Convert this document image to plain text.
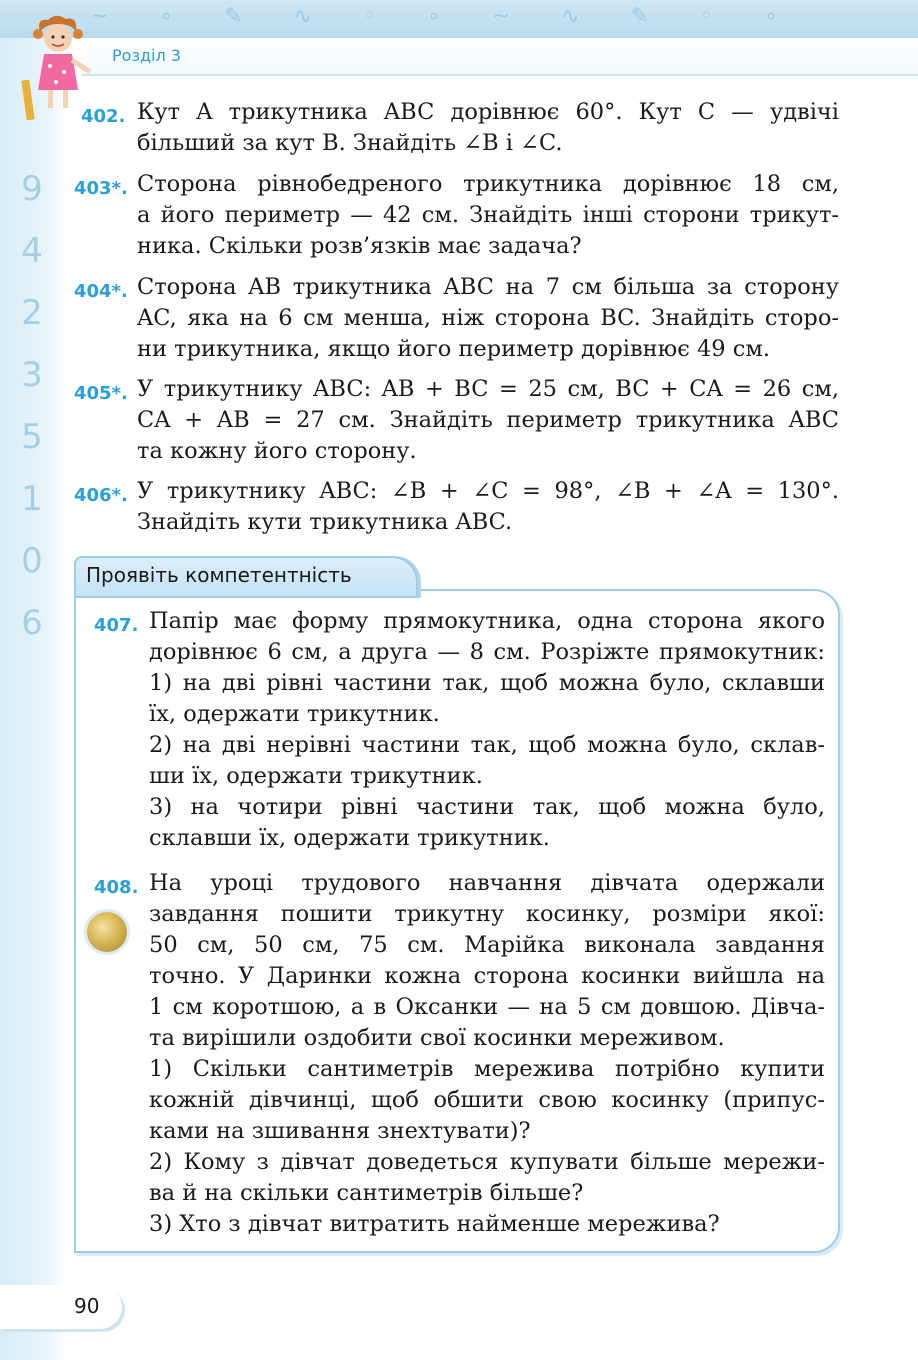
~ ∘ ✎ ∿ ◦ ∘ ~ ∿ ✎ ◦ ∘
9
4
2
3
5
1
0
6
Розділ 3
402. Кут A трикутника ABC дорівнює 60°. Кут C — удвічі
більший за кут B. Знайдіть ∠B і ∠C.
403*. Сторона рівнобедреного трикутника дорівнює 18 см,
а його периметр — 42 см. Знайдіть інші сторони трикут-
ника. Скільки розв’язків має задача?
404*. Сторона AB трикутника ABC на 7 см більша за сторону
AC, яка на 6 см менша, ніж сторона BC. Знайдіть сторо-
ни трикутника, якщо його периметр дорівнює 49 см.
405*. У трикутнику ABC: AB + BC = 25 см, BC + CA = 26 см,
CA + AB = 27 см. Знайдіть периметр трикутника ABC
та кожну його сторону.
406*. У трикутнику ABC: ∠B + ∠C = 98°, ∠B + ∠A = 130°.
Знайдіть кути трикутника ABC.
Проявіть компетентність
407. Папір має форму прямокутника, одна сторона якого
дорівнює 6 см, а друга — 8 см. Розріжте прямокутник:
1) на дві рівні частини так, щоб можна було, склавши
їх, одержати трикутник.
2) на дві нерівні частини так, щоб можна було, склав-
ши їх, одержати трикутник.
3) на чотири рівні частини так, щоб можна було,
склавши їх, одержати трикутник.
408. На уроці трудового навчання дівчата одержали
завдання пошити трикутну косинку, розміри якої:
50 см, 50 см, 75 см. Марійка виконала завдання
точно. У Даринки кожна сторона косинки вийшла на
1 см коротшою, а в Оксанки — на 5 см довшою. Дівча-
та вирішили оздобити свої косинки мереживом.
1) Скільки сантиметрів мережива потрібно купити
кожній дівчинці, щоб обшити свою косинку (припус-
ками на зшивання знехтувати)?
2) Кому з дівчат доведеться купувати більше мережи-
ва й на скільки сантиметрів більше?
3) Хто з дівчат витратить найменше мережива?
90
